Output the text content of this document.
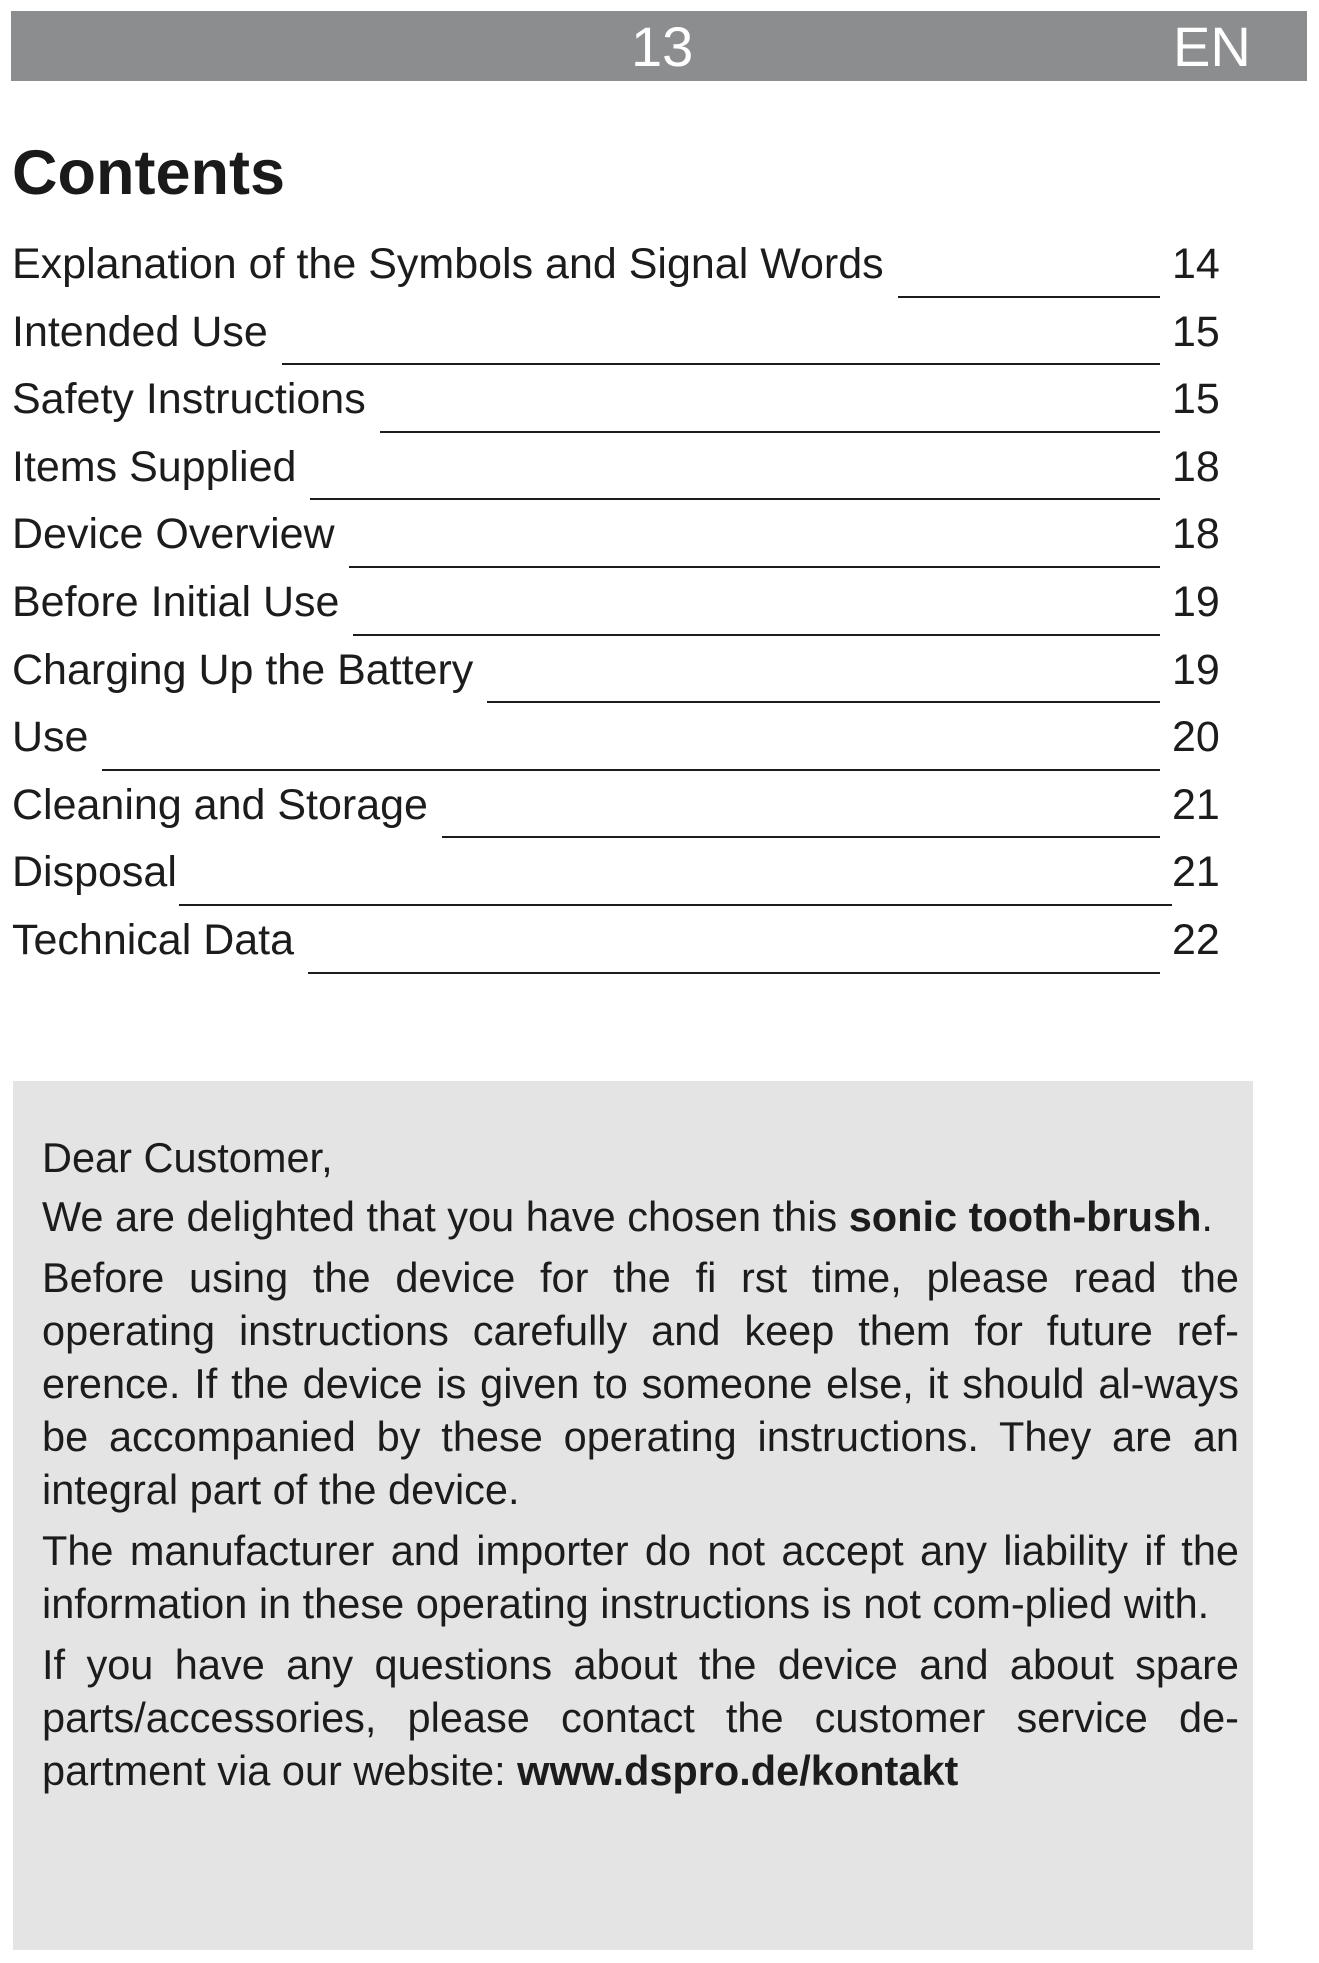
13	EN
Contents
Explanation of the Symbols and Signal Words	14
Intended Use	15
Safety Instructions	15
Items Supplied	18
Device Overview	18
Before Initial Use	19
Charging Up the Battery	19
Use	20
Cleaning and Storage	21
Disposal	21
Technical Data	22

Dear Customer,

We are delighted that you have chosen this sonic tooth-brush.

Before using the device for the fi rst time, please read the operating instructions carefully and keep them for future ref-erence. If the device is given to someone else, it should al-ways be accompanied by these operating instructions. They are an integral part of the device.

The manufacturer and importer do not accept any liability if the information in these operating instructions is not com-plied with.

If you have any questions about the device and about spare parts/accessories, please contact the customer service de-partment via our website: www.dspro.de/kontakt
